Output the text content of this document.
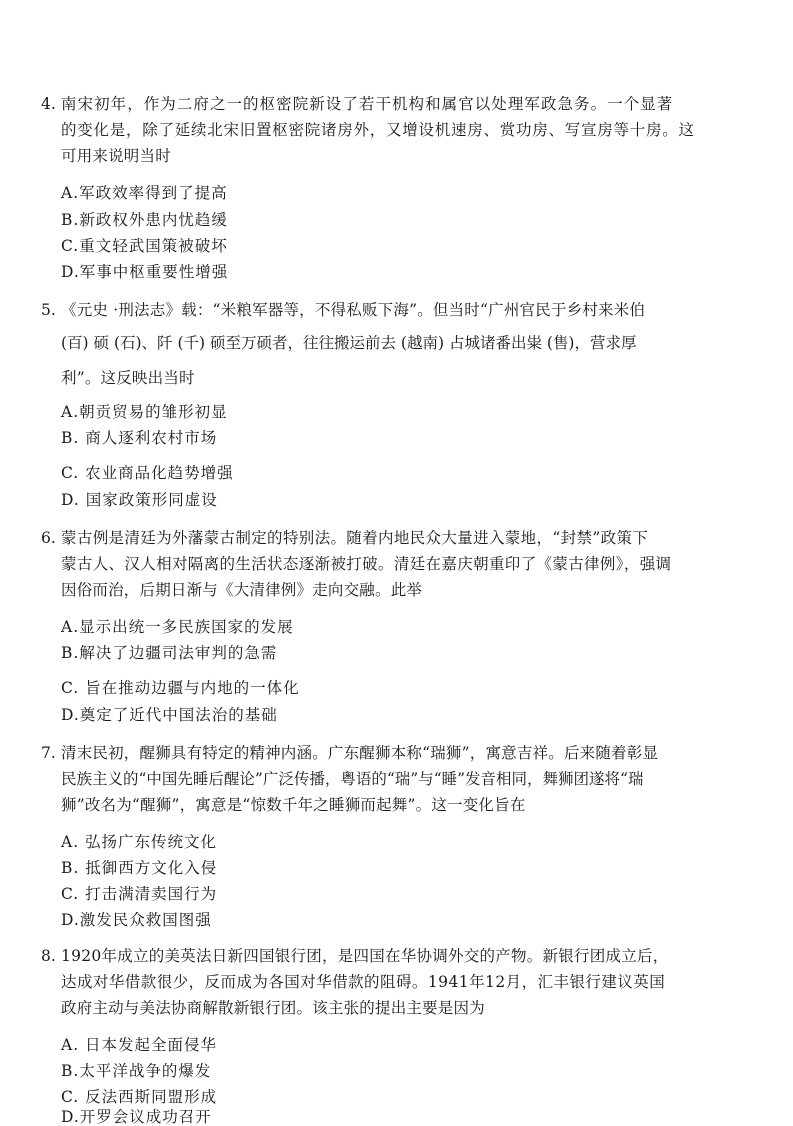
4. 南宋初年，作为二府之一的枢密院新设了若干机构和属官以处理军政急务。一个显著
的变化是，除了延续北宋旧置枢密院诸房外，又增设机速房、赏功房、写宣房等十房。这
可用来说明当时
A.军政效率得到了提高
B.新政权外患内忧趋缓
C.重文轻武国策被破坏
D.军事中枢重要性增强
5. 《元史 ·刑法志》载：“米粮军器等，不得私贩下海”。但当时“广州官民于乡村来米伯
(百) 硕 (石)、阡 (千) 硕至万硕者，往往搬运前去 (越南) 占城诸番出粜 (售)，营求厚
利”。这反映出当时
A.朝贡贸易的雏形初显
B. 商人逐利农村市场
C. 农业商品化趋势增强
D. 国家政策形同虚设
6. 蒙古例是清廷为外藩蒙古制定的特别法。随着内地民众大量进入蒙地，“封禁”政策下
蒙古人、汉人相对隔离的生活状态逐渐被打破。清廷在嘉庆朝重印了《蒙古律例》，强调
因俗而治，后期日渐与《大清律例》走向交融。此举
A.显示出统一多民族国家的发展
B.解决了边疆司法审判的急需
C. 旨在推动边疆与内地的一体化
D.奠定了近代中国法治的基础
7. 清末民初，醒狮具有特定的精神内涵。广东醒狮本称“瑞狮”，寓意吉祥。后来随着彰显
民族主义的“中国先睡后醒论”广泛传播，粤语的“瑞”与“睡”发音相同，舞狮团遂将“瑞
狮”改名为“醒狮”，寓意是“惊数千年之睡狮而起舞”。这一变化旨在
A. 弘扬广东传统文化
B. 抵御西方文化入侵
C. 打击满清卖国行为
D.激发民众救国图强
8. 1920年成立的美英法日新四国银行团，是四国在华协调外交的产物。新银行团成立后，
达成对华借款很少，反而成为各国对华借款的阻碍。1941年12月，汇丰银行建议英国
政府主动与美法协商解散新银行团。该主张的提出主要是因为
A. 日本发起全面侵华
B.太平洋战争的爆发
C. 反法西斯同盟形成
D.开罗会议成功召开
